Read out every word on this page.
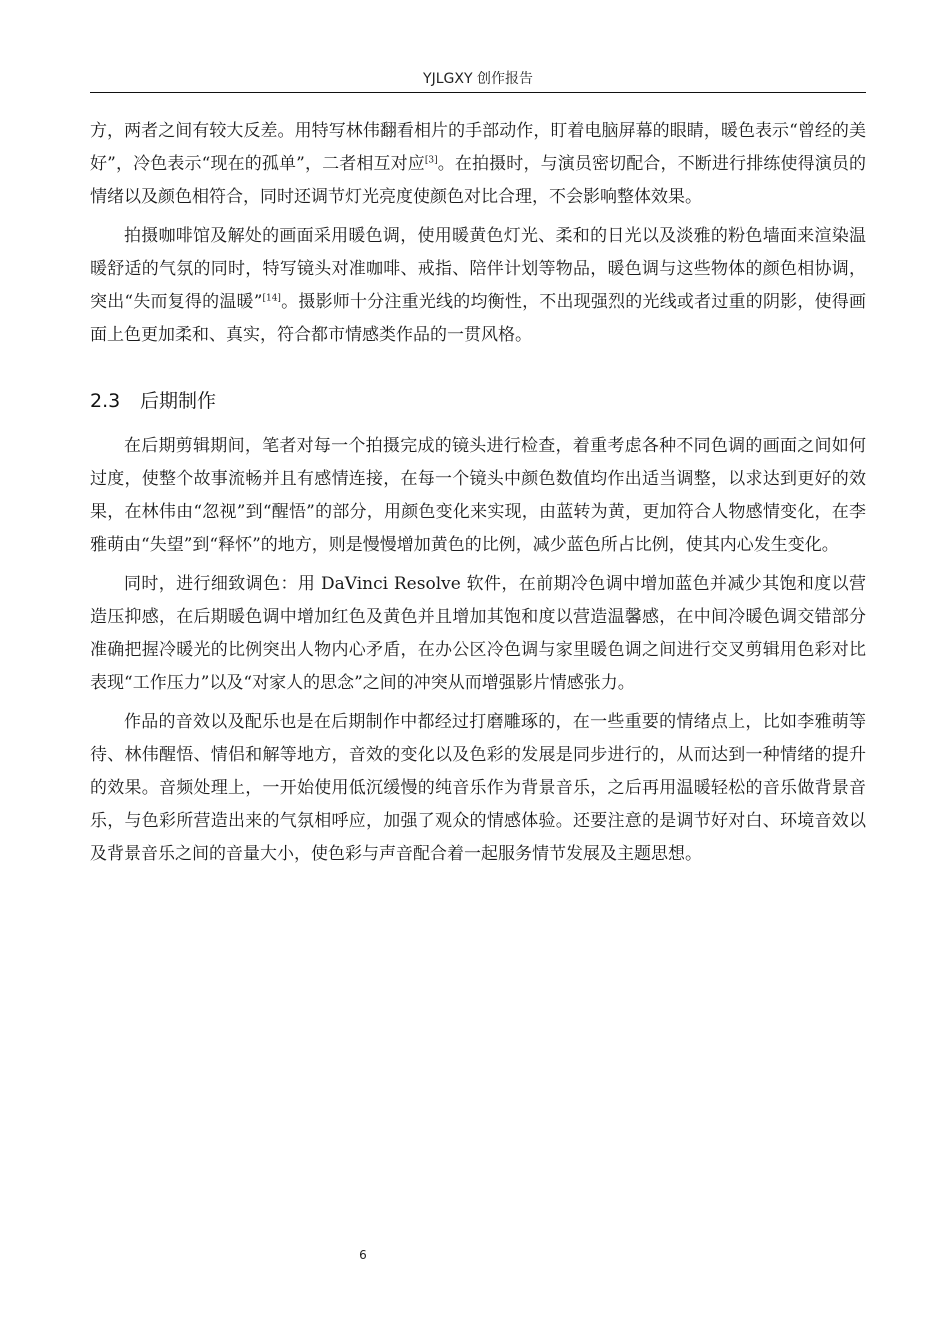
YJLGXY 创作报告

方，两者之间有较大反差。用特写林伟翻看相片的手部动作，盯着电脑屏幕的眼睛，暖色表示“曾经的美好”，冷色表示“现在的孤单”，二者相互对应[3]。在拍摄时，与演员密切配合，不断进行排练使得演员的情绪以及颜色相符合，同时还调节灯光亮度使颜色对比合理，不会影响整体效果。

拍摄咖啡馆及解处的画面采用暖色调，使用暖黄色灯光、柔和的日光以及淡雅的粉色墙面来渲染温暖舒适的气氛的同时，特写镜头对准咖啡、戒指、陪伴计划等物品，暖色调与这些物体的颜色相协调，突出“失而复得的温暖”[14]。摄影师十分注重光线的均衡性，不出现强烈的光线或者过重的阴影，使得画面上色更加柔和、真实，符合都市情感类作品的一贯风格。

2.3 后期制作

在后期剪辑期间，笔者对每一个拍摄完成的镜头进行检查，着重考虑各种不同色调的画面之间如何过度，使整个故事流畅并且有感情连接，在每一个镜头中颜色数值均作出适当调整，以求达到更好的效果，在林伟由“忽视”到“醒悟”的部分，用颜色变化来实现，由蓝转为黄，更加符合人物感情变化，在李雅萌由“失望”到“释怀”的地方，则是慢慢增加黄色的比例，减少蓝色所占比例，使其内心发生变化。

同时，进行细致调色：用 DaVinci Resolve 软件，在前期冷色调中增加蓝色并减少其饱和度以营造压抑感，在后期暖色调中增加红色及黄色并且增加其饱和度以营造温馨感，在中间冷暖色调交错部分准确把握冷暖光的比例突出人物内心矛盾，在办公区冷色调与家里暖色调之间进行交叉剪辑用色彩对比表现“工作压力”以及“对家人的思念”之间的冲突从而增强影片情感张力。

作品的音效以及配乐也是在后期制作中都经过打磨雕琢的，在一些重要的情绪点上，比如李雅萌等待、林伟醒悟、情侣和解等地方，音效的变化以及色彩的发展是同步进行的，从而达到一种情绪的提升的效果。音频处理上，一开始使用低沉缓慢的纯音乐作为背景音乐，之后再用温暖轻松的音乐做背景音乐，与色彩所营造出来的气氛相呼应，加强了观众的情感体验。还要注意的是调节好对白、环境音效以及背景音乐之间的音量大小，使色彩与声音配合着一起服务情节发展及主题思想。

6
